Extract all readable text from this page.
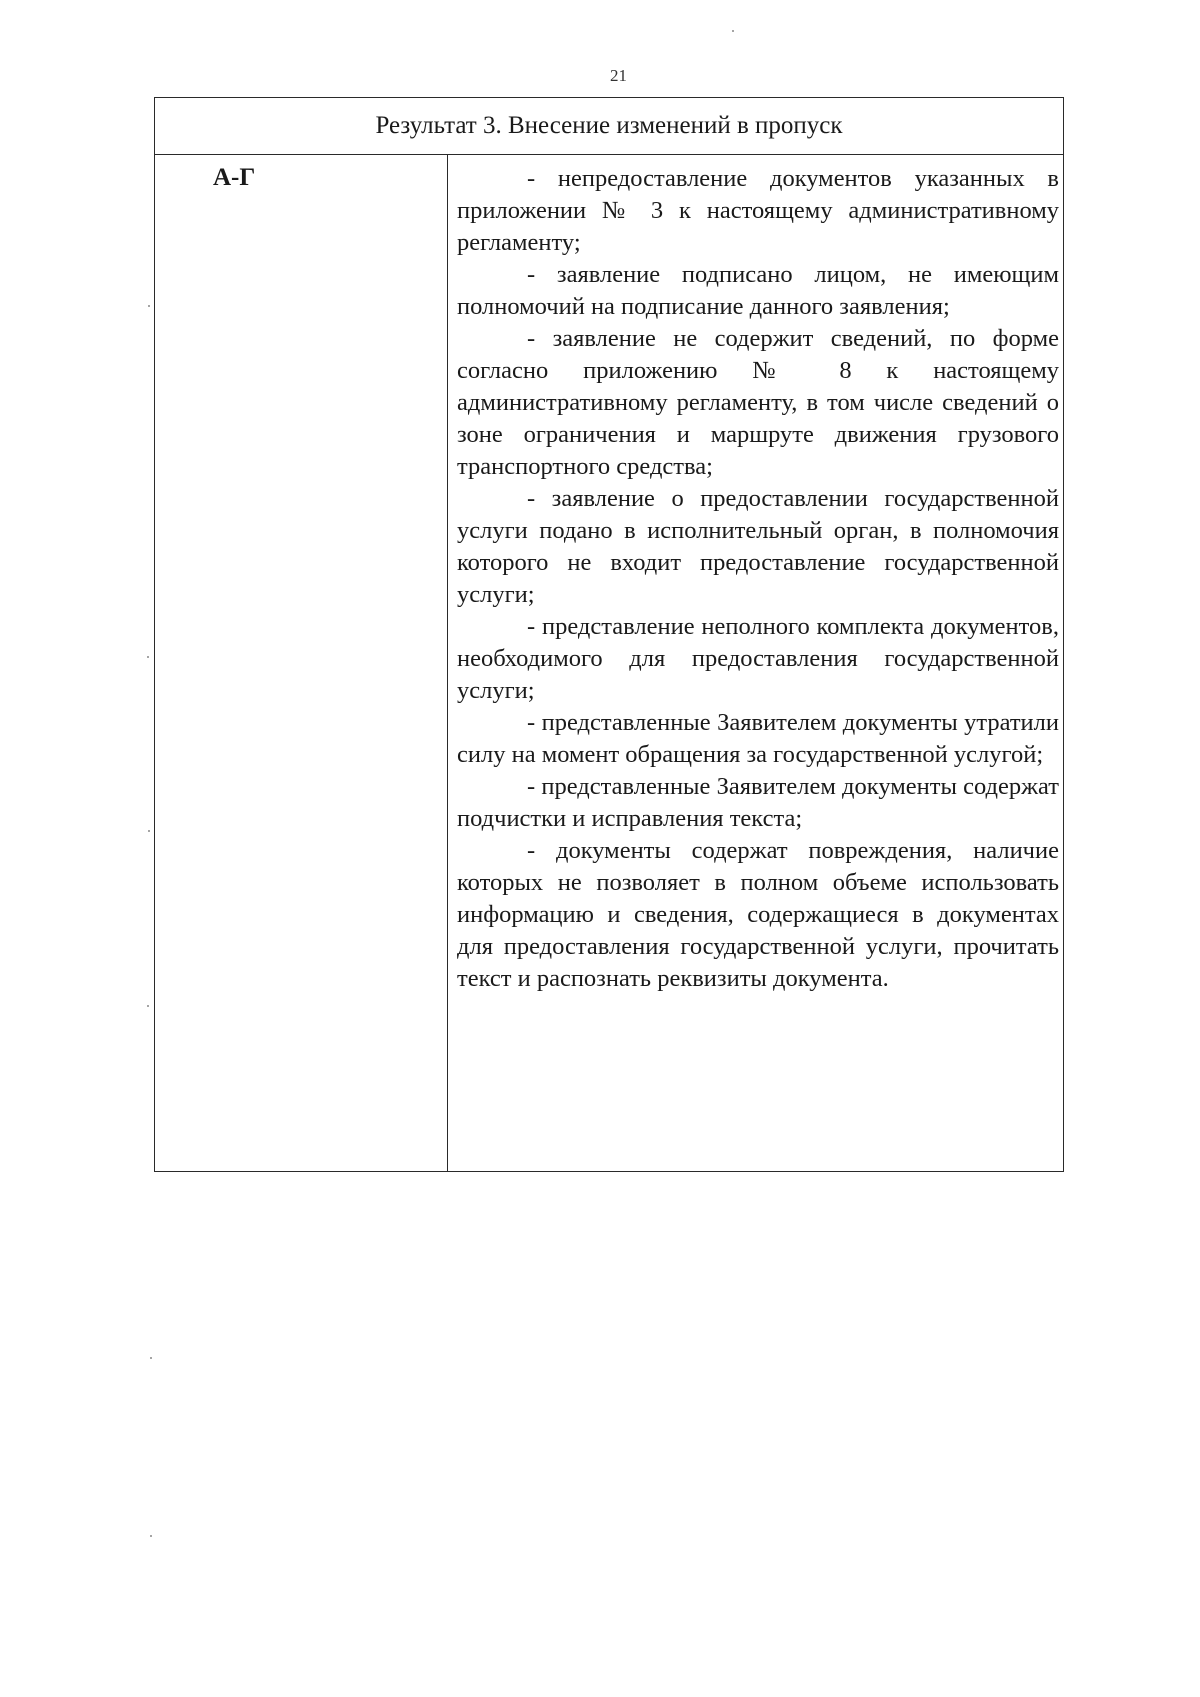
21
Результат 3. Внесение изменений в пропуск
А-Г	- непредоставление документов указанных в приложении № 3 к настоящему административному регламенту;

- заявление подписано лицом, не имеющим полномочий на подписание данного заявления;

- заявление не содержит сведений, по форме согласно приложению № 8 к настоящему административному регламенту, в том числе сведений о зоне ограничения и маршруте движения грузового транспортного средства;

- заявление о предоставлении государственной услуги подано в исполнительный орган, в полномочия которого не входит предоставление государственной услуги;

- представление неполного комплекта документов, необходимого для предоставления государственной услуги;

- представленные Заявителем документы утратили силу на момент обращения за государственной услугой;

- представленные Заявителем документы содержат подчистки и исправления текста;

- документы содержат повреждения, наличие которых не позволяет в полном объеме использовать информацию и сведения, содержащиеся в документах для предоставления государственной услуги, прочитать текст и распознать реквизиты документа.
